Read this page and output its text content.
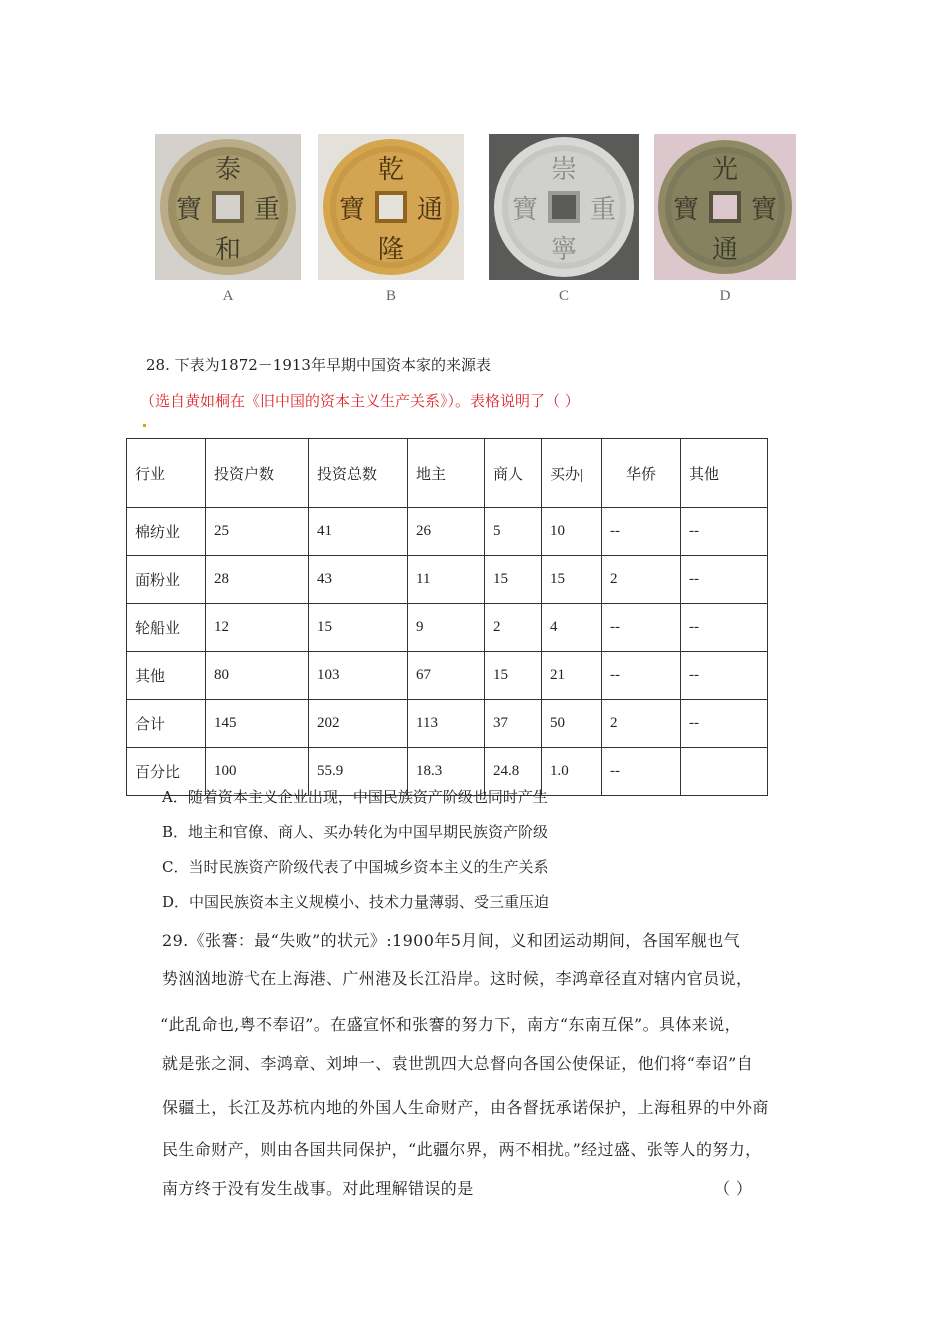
泰
和
重
寶
A
乾
隆
通
寶
B
崇
寧
重
寶
C
光
通
寶
寶
D
28. 下表为1872－1913年早期中国资本家的来源表
（选自黄如桐在《旧中国的资本主义生产关系》）。表格说明了（ ）
行业	投资户数	投资总数	地主	商人	买办|	华侨	其他
棉纺业	25	41	26	5	10	--	--
面粉业	28	43	11	15	15	2	--
轮船业	12	15	9	2	4	--	--
其他	80	103	67	15	21	--	--
合计	145	202	113	37	50	2	--
百分比	100	55.9	18.3	24.8	1.0	--	
A．随着资本主义企业出现，中国民族资产阶级也同时产生
B．地主和官僚、商人、买办转化为中国早期民族资产阶级
C．当时民族资产阶级代表了中国城乡资本主义的生产关系
D．中国民族资本主义规模小、技术力量薄弱、受三重压迫
29.《张謇：最“失败”的状元》:1900年5月间，义和团运动期间，各国军舰也气
势汹汹地游弋在上海港、广州港及长江沿岸。这时候，李鸿章径直对辖内官员说，
“此乱命也,粤不奉诏”。在盛宣怀和张謇的努力下，南方“东南互保”。具体来说，
就是张之洞、李鸿章、刘坤一、袁世凯四大总督向各国公使保证，他们将“奉诏”自
保疆土，长江及苏杭内地的外国人生命财产，由各督抚承诺保护，上海租界的中外商
民生命财产，则由各国共同保护，“此疆尔界，两不相扰。”经过盛、张等人的努力，
南方终于没有发生战事。对此理解错误的是	（ ）
